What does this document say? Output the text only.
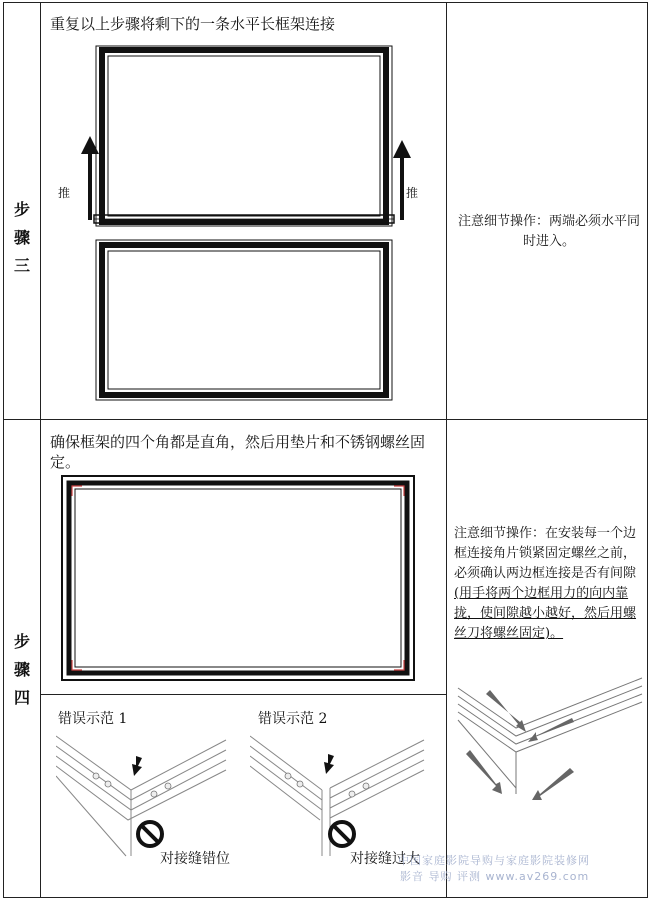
步
骤
三
重复以上步骤将剩下的一条水平长框架连接
推	推
注意细节操作：两端必须水平同时进入。
步
骤
四
确保框架的四个角都是直角，然后用垫片和不锈钢螺丝固定。
错误示范 1
对接缝错位
错误示范 2
对接缝过大
注意细节操作：在安装每一个边框连接角片锁紧固定螺丝之前，必须确认两边框连接是否有间隙(用手将两个边框用力的向内靠拢，使间隙越小越好，然后用螺丝刀将螺丝固定)。
中国家庭影院导购与家庭影院装修网
影音 导购 评测 www.av269.com
